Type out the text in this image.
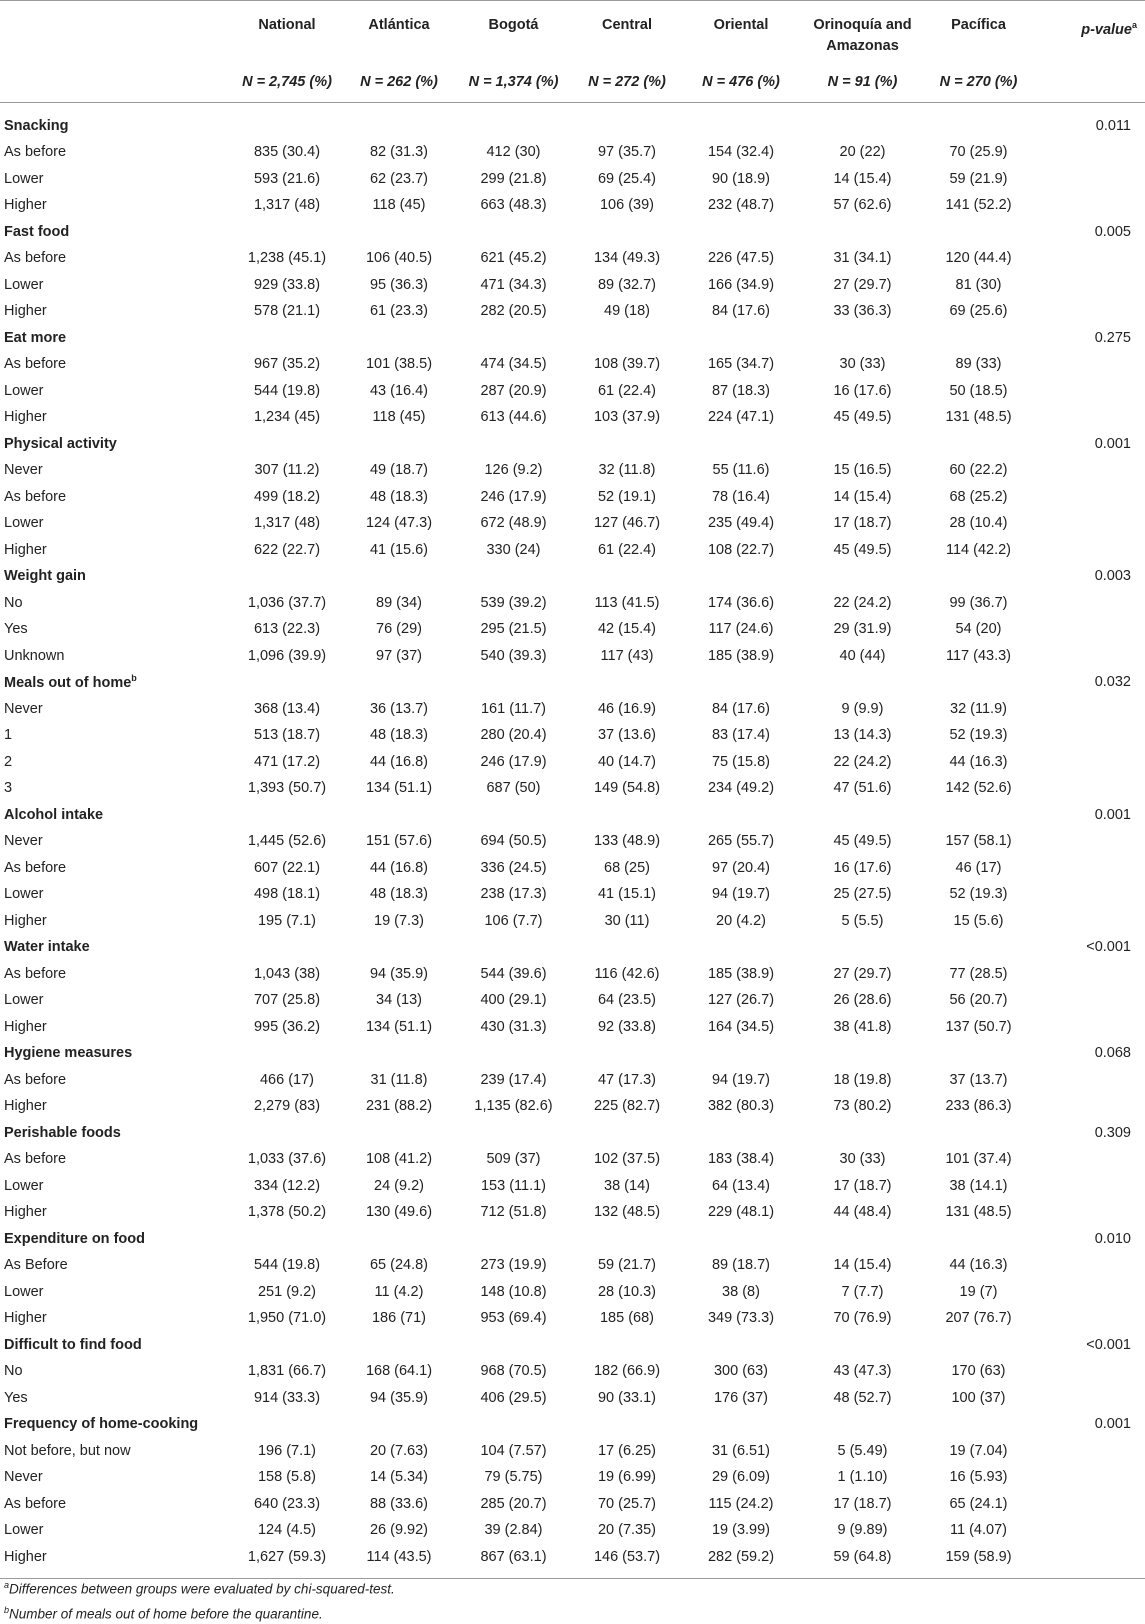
	National	Atlántica	Bogotá	Central	Oriental	Orinoquía and Amazonas	Pacífica	p-value$^a$
	N = 2,745 (%)	N = 262 (%)	N = 1,374 (%)	N = 272 (%)	N = 476 (%)	N = 91 (%)	N = 270 (%)	
Snacking								0.011
As before	835 (30.4)	82 (31.3)	412 (30)	97 (35.7)	154 (32.4)	20 (22)	70 (25.9)	
Lower	593 (21.6)	62 (23.7)	299 (21.8)	69 (25.4)	90 (18.9)	14 (15.4)	59 (21.9)	
Higher	1,317 (48)	118 (45)	663 (48.3)	106 (39)	232 (48.7)	57 (62.6)	141 (52.2)	
Fast food								0.005
As before	1,238 (45.1)	106 (40.5)	621 (45.2)	134 (49.3)	226 (47.5)	31 (34.1)	120 (44.4)	
Lower	929 (33.8)	95 (36.3)	471 (34.3)	89 (32.7)	166 (34.9)	27 (29.7)	81 (30)	
Higher	578 (21.1)	61 (23.3)	282 (20.5)	49 (18)	84 (17.6)	33 (36.3)	69 (25.6)	
Eat more								0.275
As before	967 (35.2)	101 (38.5)	474 (34.5)	108 (39.7)	165 (34.7)	30 (33)	89 (33)	
Lower	544 (19.8)	43 (16.4)	287 (20.9)	61 (22.4)	87 (18.3)	16 (17.6)	50 (18.5)	
Higher	1,234 (45)	118 (45)	613 (44.6)	103 (37.9)	224 (47.1)	45 (49.5)	131 (48.5)	
Physical activity								0.001
Never	307 (11.2)	49 (18.7)	126 (9.2)	32 (11.8)	55 (11.6)	15 (16.5)	60 (22.2)	
As before	499 (18.2)	48 (18.3)	246 (17.9)	52 (19.1)	78 (16.4)	14 (15.4)	68 (25.2)	
Lower	1,317 (48)	124 (47.3)	672 (48.9)	127 (46.7)	235 (49.4)	17 (18.7)	28 (10.4)	
Higher	622 (22.7)	41 (15.6)	330 (24)	61 (22.4)	108 (22.7)	45 (49.5)	114 (42.2)	
Weight gain								0.003
No	1,036 (37.7)	89 (34)	539 (39.2)	113 (41.5)	174 (36.6)	22 (24.2)	99 (36.7)	
Yes	613 (22.3)	76 (29)	295 (21.5)	42 (15.4)	117 (24.6)	29 (31.9)	54 (20)	
Unknown	1,096 (39.9)	97 (37)	540 (39.3)	117 (43)	185 (38.9)	40 (44)	117 (43.3)	
Meals out of home$^b$								0.032
Never	368 (13.4)	36 (13.7)	161 (11.7)	46 (16.9)	84 (17.6)	9 (9.9)	32 (11.9)	
1	513 (18.7)	48 (18.3)	280 (20.4)	37 (13.6)	83 (17.4)	13 (14.3)	52 (19.3)	
2	471 (17.2)	44 (16.8)	246 (17.9)	40 (14.7)	75 (15.8)	22 (24.2)	44 (16.3)	
3	1,393 (50.7)	134 (51.1)	687 (50)	149 (54.8)	234 (49.2)	47 (51.6)	142 (52.6)	
Alcohol intake								0.001
Never	1,445 (52.6)	151 (57.6)	694 (50.5)	133 (48.9)	265 (55.7)	45 (49.5)	157 (58.1)	
As before	607 (22.1)	44 (16.8)	336 (24.5)	68 (25)	97 (20.4)	16 (17.6)	46 (17)	
Lower	498 (18.1)	48 (18.3)	238 (17.3)	41 (15.1)	94 (19.7)	25 (27.5)	52 (19.3)	
Higher	195 (7.1)	19 (7.3)	106 (7.7)	30 (11)	20 (4.2)	5 (5.5)	15 (5.6)	
Water intake								<0.001
As before	1,043 (38)	94 (35.9)	544 (39.6)	116 (42.6)	185 (38.9)	27 (29.7)	77 (28.5)	
Lower	707 (25.8)	34 (13)	400 (29.1)	64 (23.5)	127 (26.7)	26 (28.6)	56 (20.7)	
Higher	995 (36.2)	134 (51.1)	430 (31.3)	92 (33.8)	164 (34.5)	38 (41.8)	137 (50.7)	
Hygiene measures								0.068
As before	466 (17)	31 (11.8)	239 (17.4)	47 (17.3)	94 (19.7)	18 (19.8)	37 (13.7)	
Higher	2,279 (83)	231 (88.2)	1,135 (82.6)	225 (82.7)	382 (80.3)	73 (80.2)	233 (86.3)	
Perishable foods								0.309
As before	1,033 (37.6)	108 (41.2)	509 (37)	102 (37.5)	183 (38.4)	30 (33)	101 (37.4)	
Lower	334 (12.2)	24 (9.2)	153 (11.1)	38 (14)	64 (13.4)	17 (18.7)	38 (14.1)	
Higher	1,378 (50.2)	130 (49.6)	712 (51.8)	132 (48.5)	229 (48.1)	44 (48.4)	131 (48.5)	
Expenditure on food								0.010
As Before	544 (19.8)	65 (24.8)	273 (19.9)	59 (21.7)	89 (18.7)	14 (15.4)	44 (16.3)	
Lower	251 (9.2)	11 (4.2)	148 (10.8)	28 (10.3)	38 (8)	7 (7.7)	19 (7)	
Higher	1,950 (71.0)	186 (71)	953 (69.4)	185 (68)	349 (73.3)	70 (76.9)	207 (76.7)	
Difficult to find food								<0.001
No	1,831 (66.7)	168 (64.1)	968 (70.5)	182 (66.9)	300 (63)	43 (47.3)	170 (63)	
Yes	914 (33.3)	94 (35.9)	406 (29.5)	90 (33.1)	176 (37)	48 (52.7)	100 (37)	
Frequency of home-cooking								0.001
Not before, but now	196 (7.1)	20 (7.63)	104 (7.57)	17 (6.25)	31 (6.51)	5 (5.49)	19 (7.04)	
Never	158 (5.8)	14 (5.34)	79 (5.75)	19 (6.99)	29 (6.09)	1 (1.10)	16 (5.93)	
As before	640 (23.3)	88 (33.6)	285 (20.7)	70 (25.7)	115 (24.2)	17 (18.7)	65 (24.1)	
Lower	124 (4.5)	26 (9.92)	39 (2.84)	20 (7.35)	19 (3.99)	9 (9.89)	11 (4.07)	
Higher	1,627 (59.3)	114 (43.5)	867 (63.1)	146 (53.7)	282 (59.2)	59 (64.8)	159 (58.9)	
$^a$Differences between groups were evaluated by chi-squared-test.
$^b$Number of meals out of home before the quarantine.
